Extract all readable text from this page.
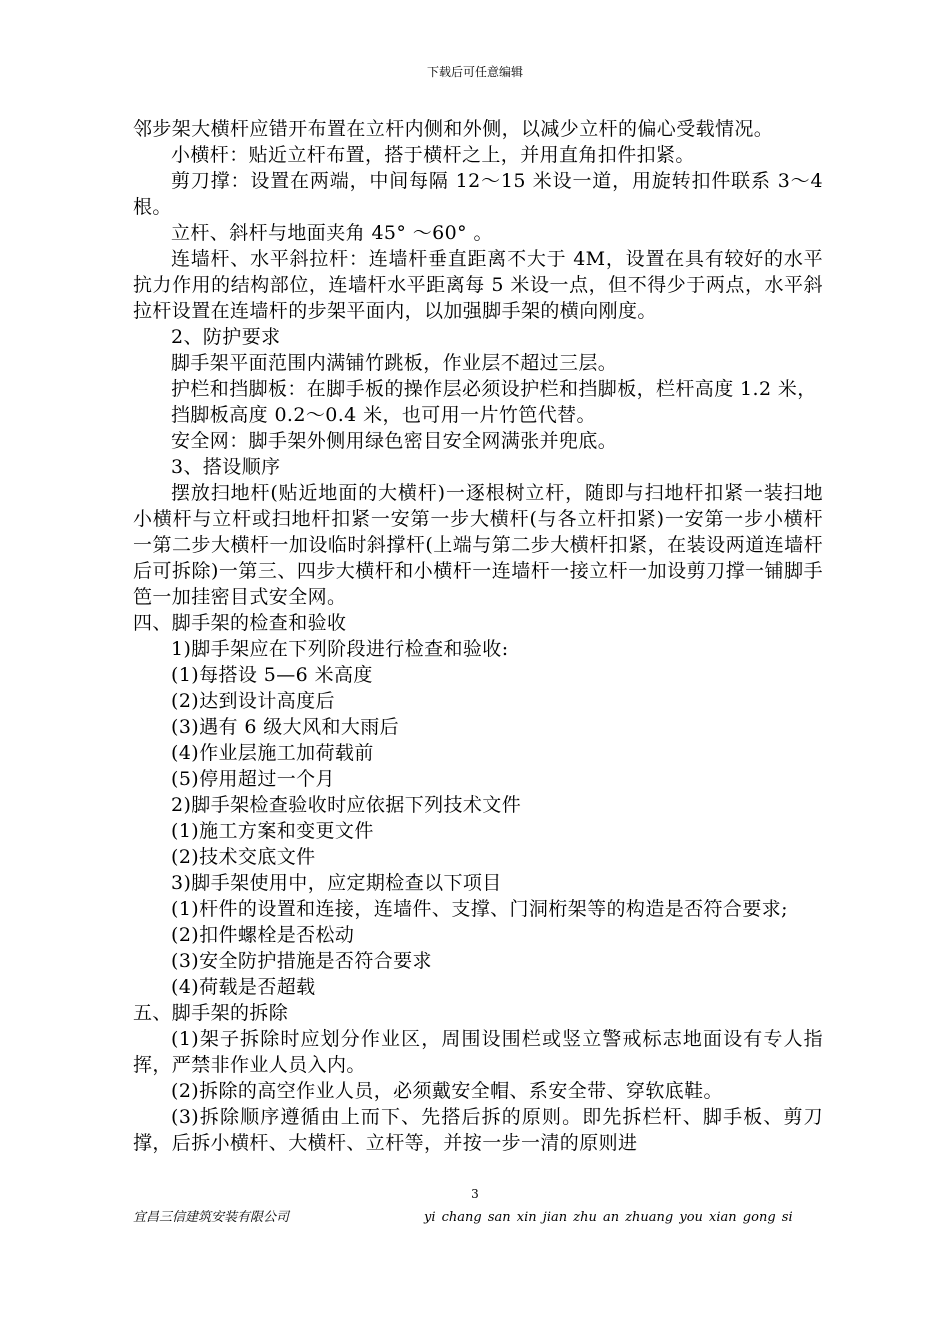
下载后可任意编辑

邻步架大横杆应错开布置在立杆内侧和外侧，以减少立杆的偏心受载情况。

小横杆：贴近立杆布置，搭于横杆之上，并用直角扣件扣紧。

剪刀撑：设置在两端，中间每隔 12～15 米设一道，用旋转扣件联系 3～4 根。

立杆、斜杆与地面夹角 45° ～60° 。

连墙杆、水平斜拉杆：连墙杆垂直距离不大于 4M，设置在具有较好的水平抗力作用的结构部位，连墙杆水平距离每 5 米设一点，但不得少于两点，水平斜拉杆设置在连墙杆的步架平面内，以加强脚手架的横向刚度。

2、防护要求

脚手架平面范围内满铺竹跳板，作业层不超过三层。

护栏和挡脚板：在脚手板的操作层必须设护栏和挡脚板，栏杆高度 1.2 米，

挡脚板高度 0.2～0.4 米，也可用一片竹笆代替。

安全网：脚手架外侧用绿色密目安全网满张并兜底。

3、搭设顺序

摆放扫地杆(贴近地面的大横杆)一逐根树立杆，随即与扫地杆扣紧一装扫地小横杆与立杆或扫地杆扣紧一安第一步大横杆(与各立杆扣紧)一安第一步小横杆一第二步大横杆一加设临时斜撑杆(上端与第二步大横杆扣紧，在装设两道连墙杆后可拆除)一第三、四步大横杆和小横杆一连墙杆一接立杆一加设剪刀撑一铺脚手笆一加挂密目式安全网。

四、脚手架的检查和验收

1)脚手架应在下列阶段进行检查和验收:

(1)每搭设 5—6 米高度

(2)达到设计高度后

(3)遇有 6 级大风和大雨后

(4)作业层施工加荷载前

(5)停用超过一个月

2)脚手架检查验收时应依据下列技术文件

(1)施工方案和变更文件

(2)技术交底文件

3)脚手架使用中，应定期检查以下项目

(1)杆件的设置和连接，连墙件、支撑、门洞桁架等的构造是否符合要求;

(2)扣件螺栓是否松动

(3)安全防护措施是否符合要求

(4)荷载是否超载

五、脚手架的拆除

(1)架子拆除时应划分作业区，周围设围栏或竖立警戒标志地面设有专人指挥，严禁非作业人员入内。

(2)拆除的高空作业人员，必须戴安全帽、系安全带、穿软底鞋。

(3)拆除顺序遵循由上而下、先搭后拆的原则。即先拆栏杆、脚手板、剪刀撑，后拆小横杆、大横杆、立杆等，并按一步一清的原则进

3
宜昌三信建筑安装有限公司	yi chang san xin jian zhu an zhuang you xian gong si
